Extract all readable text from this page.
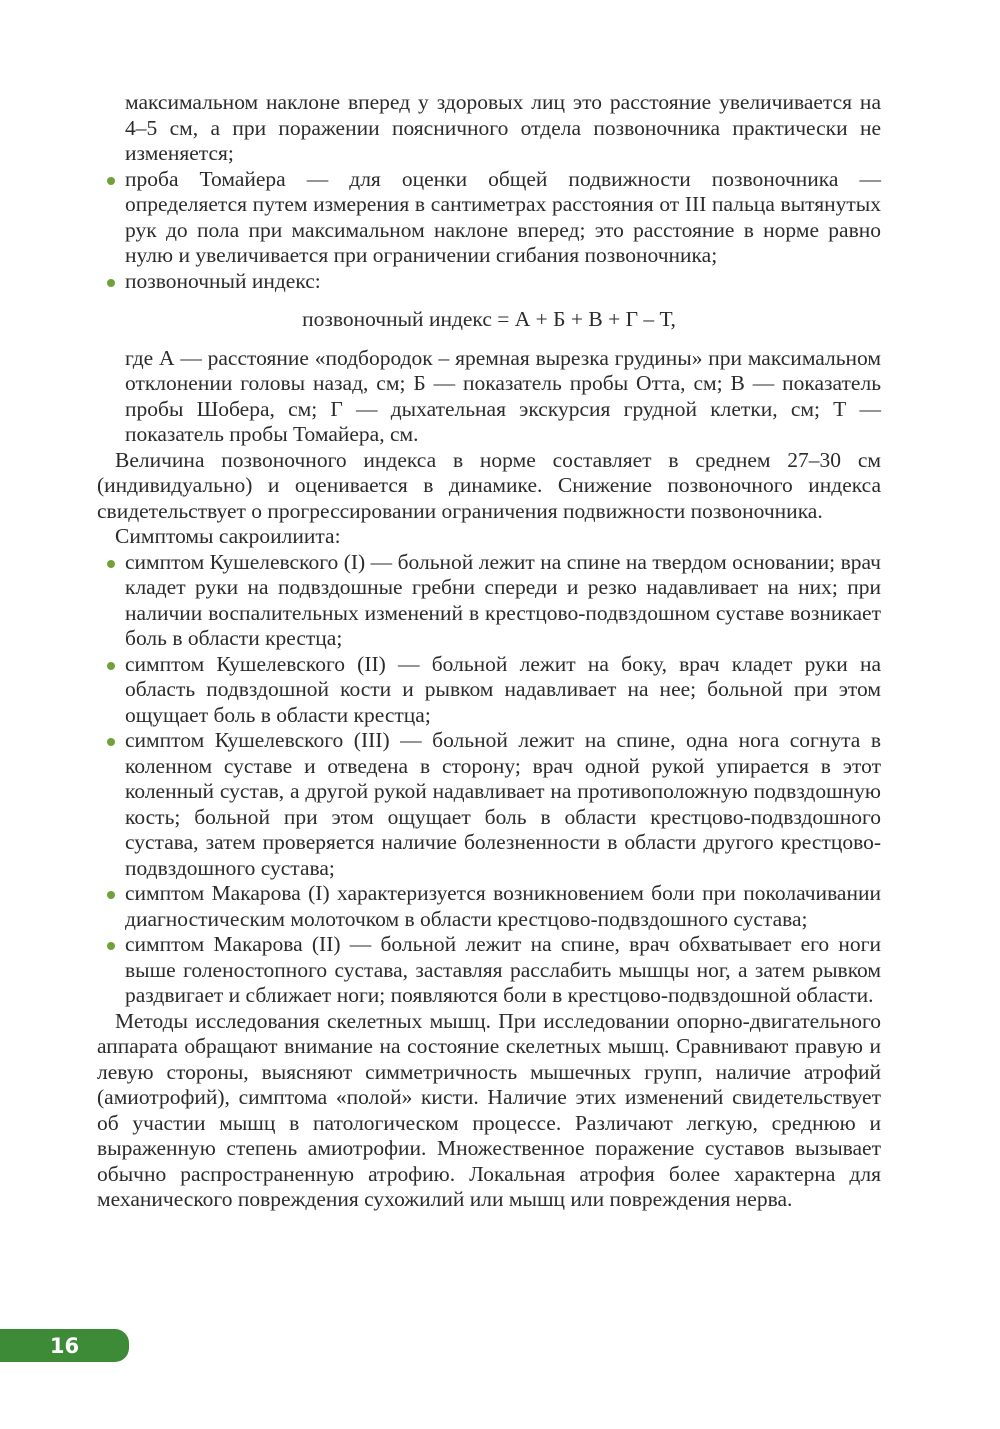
максимальном наклоне вперед у здоровых лиц это расстояние увеличивается на 4–5 см, а при поражении поясничного отдела позвоночника практически не изменяется;

проба Томайера — для оценки общей подвижности позвоночника — определяется путем измерения в сантиметрах расстояния от III пальца вытянутых рук до пола при максимальном наклоне вперед; это расстояние в норме равно нулю и увеличивается при ограничении сгибания позвоночника;

позвоночный индекс:

позвоночный индекс = А + Б + В + Г – Т,

где А — расстояние «подбородок – яремная вырезка грудины» при максимальном отклонении головы назад, см; Б — показатель пробы Отта, см; В — показатель пробы Шобера, см; Г — дыхательная экскурсия грудной клетки, см; Т — показатель пробы Томайера, см.

Величина позвоночного индекса в норме составляет в среднем 27–30 см (индивидуально) и оценивается в динамике. Снижение позвоночного индекса свидетельствует о прогрессировании ограничения подвижности позвоночника.

Симптомы сакроилиита:

симптом Кушелевского (I) — больной лежит на спине на твердом основании; врач кладет руки на подвздошные гребни спереди и резко надавливает на них; при наличии воспалительных изменений в крестцово-подвздошном суставе возникает боль в области крестца;

симптом Кушелевского (II) — больной лежит на боку, врач кладет руки на область подвздошной кости и рывком надавливает на нее; больной при этом ощущает боль в области крестца;

симптом Кушелевского (III) — больной лежит на спине, одна нога согнута в коленном суставе и отведена в сторону; врач одной рукой упирается в этот коленный сустав, а другой рукой надавливает на противоположную подвздошную кость; больной при этом ощущает боль в области крестцово-подвздошного сустава, затем проверяется наличие болезненности в области другого крестцово-подвздошного сустава;

симптом Макарова (I) характеризуется возникновением боли при поколачивании диагностическим молоточком в области крестцово-подвздошного сустава;

симптом Макарова (II) — больной лежит на спине, врач обхватывает его ноги выше голеностопного сустава, заставляя расслабить мышцы ног, а затем рывком раздвигает и сближает ноги; появляются боли в крестцово-подвздошной области.

Методы исследования скелетных мышц. При исследовании опорно-двигательного аппарата обращают внимание на состояние скелетных мышц. Сравнивают правую и левую стороны, выясняют симметричность мышечных групп, наличие атрофий (амиотрофий), симптома «полой» кисти. Наличие этих изменений свидетельствует об участии мышц в патологическом процессе. Различают легкую, среднюю и выраженную степень амиотрофии. Множественное поражение суставов вызывает обычно распространенную атрофию. Локальная атрофия более характерна для механического повреждения сухожилий или мышц или повреждения нерва.

16
